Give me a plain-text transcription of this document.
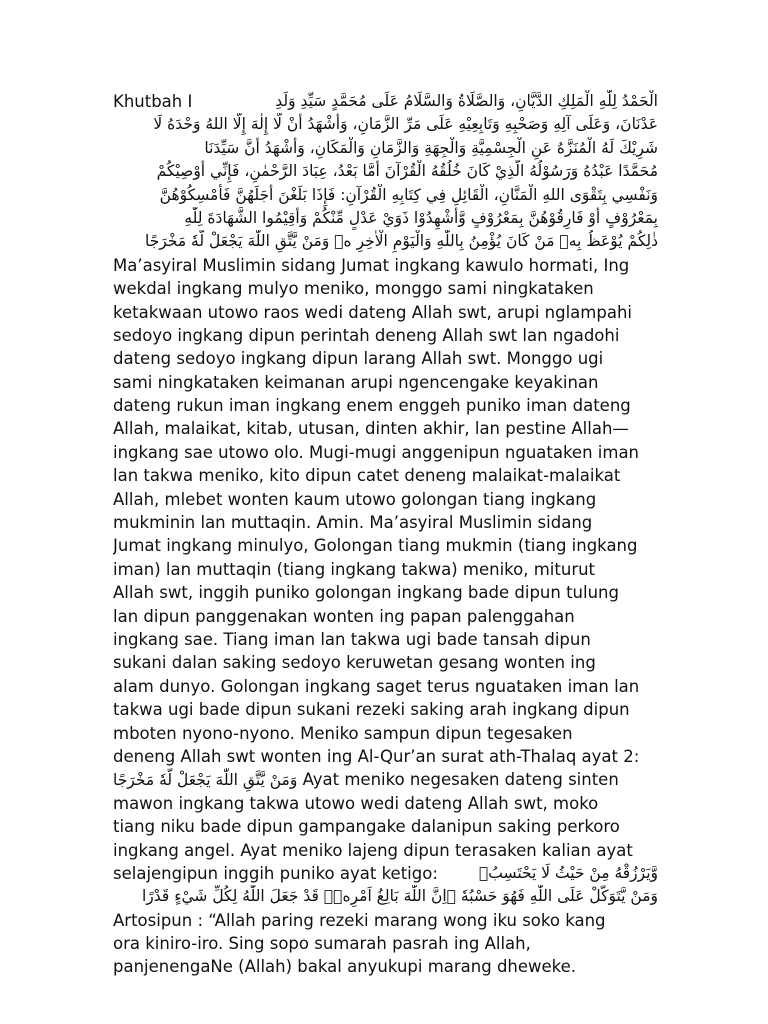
Khutbah I	الْحَمْدُ لِلّٰهِ الْمَلِكِ الدَّيَّانِ، وَالصَّلَاةُ وَالسَّلَامُ عَلَى مُحَمَّدٍ سَيِّدِ وَلَدِ
عَدْنَانَ، وَعَلَى آلِهِ وَصَحْبِهِ وَتَابِعِيْهِ عَلَى مَرِّ الزَّمَانِ، وَأَشْهَدُ أَنْ لَّا إِلٰهَ إِلَّا اللهُ وَحْدَهُ لَا
شَرِيْكَ لَهُ الْمُنَزَّهُ عَنِ الْجِسْمِيَّةِ وَالْجِهَةِ وَالزَّمَانِ وَالْمَكَانِ، وَأَشْهَدُ أَنَّ سَيِّدَنَا
مُحَمَّدًا عَبْدُهُ وَرَسُوْلُهُ الَّذِيْ كَانَ خُلُقُهُ الْقُرْآنَ أَمَّا بَعْدُ، عِبَادَ الرَّحْمٰنِ، فَإِنِّي أُوْصِيْكُمْ
وَنَفْسِي بِتَقْوَى اللهِ الْمَنَّانِ، الْقَائِلِ فِي كِتَابِهِ الْقُرْآنِ: فَإِذَا بَلَغْنَ أَجَلَهُنَّ فَأَمْسِكُوْهُنَّ
بِمَعْرُوْفٍ أَوْ فَارِقُوْهُنَّ بِمَعْرُوْفٍ وَّأَشْهِدُوْا ذَوَيْ عَدْلٍ مِّنْكُمْ وَأَقِيْمُوا الشَّهَادَةَ لِلّٰهِ
ذٰلِكُمْ يُوْعَظُ بِهٖ مَنْ كَانَ يُؤْمِنُ بِاللّٰهِ وَالْيَوْمِ الْاٰخِرِ ەۗ وَمَنْ يَّتَّقِ اللّٰهَ يَجْعَلْ لَّهٗ مَخْرَجًا
Ma’asyiral Muslimin sidang Jumat ingkang kawulo hormati, Ing
wekdal ingkang mulyo meniko, monggo sami ningkataken
ketakwaan utowo raos wedi dateng Allah swt, arupi nglampahi
sedoyo ingkang dipun perintah deneng Allah swt lan ngadohi
dateng sedoyo ingkang dipun larang Allah swt. Monggo ugi
sami ningkataken keimanan arupi ngencengake keyakinan
dateng rukun iman ingkang enem enggeh puniko iman dateng
Allah, malaikat, kitab, utusan, dinten akhir, lan pestine Allah—
ingkang sae utowo olo. Mugi-mugi anggenipun nguataken iman
lan takwa meniko, kito dipun catet deneng malaikat-malaikat
Allah, mlebet wonten kaum utowo golongan tiang ingkang
mukminin lan muttaqin. Amin. Ma’asyiral Muslimin sidang
Jumat ingkang minulyo, Golongan tiang mukmin (tiang ingkang
iman) lan muttaqin (tiang ingkang takwa) meniko, miturut
Allah swt, inggih puniko golongan ingkang bade dipun tulung
lan dipun panggenakan wonten ing papan palenggahan
ingkang sae. Tiang iman lan takwa ugi bade tansah dipun
sukani dalan saking sedoyo keruwetan gesang wonten ing
alam dunyo. Golongan ingkang saget terus nguataken iman lan
takwa ugi bade dipun sukani rezeki saking arah ingkang dipun
mboten nyono-nyono. Meniko sampun dipun tegesaken
deneng Allah swt wonten ing Al-Qur’an surat ath-Thalaq ayat 2:
وَمَنْ يَّتَّقِ اللّٰهَ يَجْعَلْ لَّهٗ مَخْرَجًا Ayat meniko negesaken dateng sinten
mawon ingkang takwa utowo wedi dateng Allah swt, moko
tiang niku bade dipun gampangake dalanipun saking perkoro
ingkang angel. Ayat meniko lajeng dipun terasaken kalian ayat
selajengipun inggih puniko ayat ketigo:	وَّيَرْزُقْهُ مِنْ حَيْثُ لَا يَحْتَسِبُۗ
وَمَنْ يَّتَوَكَّلْ عَلَى اللّٰهِ فَهُوَ حَسْبُهٗ ۗاِنَّ اللّٰهَ بَالِغُ اَمْرِهٖۗ قَدْ جَعَلَ اللّٰهُ لِكُلِّ شَيْءٍ قَدْرًا
Artosipun : “Allah paring rezeki marang wong iku soko kang
ora kiniro-iro. Sing sopo sumarah pasrah ing Allah,
panjenengaNe (Allah) bakal anyukupi marang dheweke.
